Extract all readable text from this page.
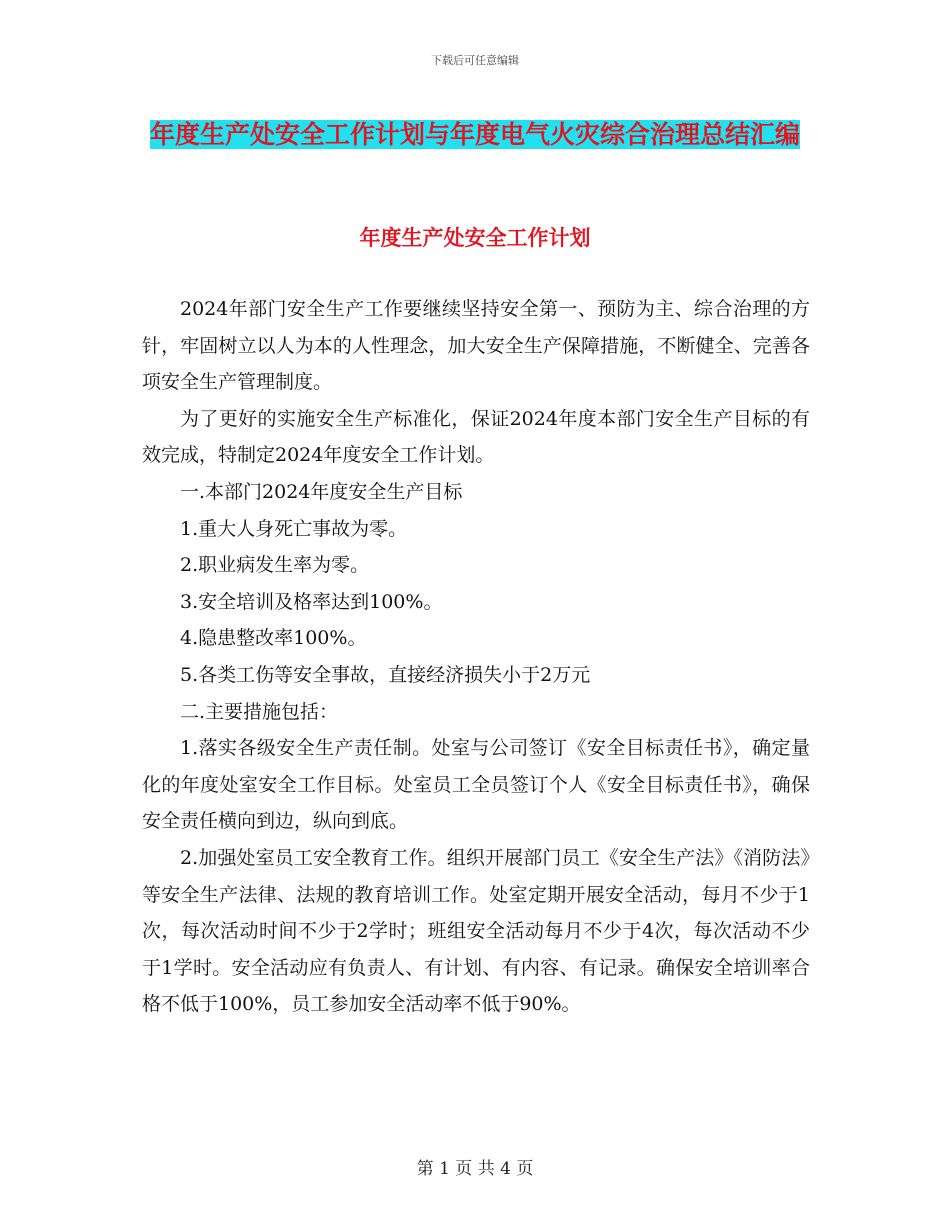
下载后可任意编辑
年度生产处安全工作计划与年度电气火灾综合治理总结汇编
年度生产处安全工作计划

2024年部门安全生产工作要继续坚持安全第一、预防为主、综合治理的方针，牢固树立以人为本的人性理念，加大安全生产保障措施，不断健全、完善各项安全生产管理制度。

为了更好的实施安全生产标准化，保证2024年度本部门安全生产目标的有效完成，特制定2024年度安全工作计划。

一.本部门2024年度安全生产目标

1.重大人身死亡事故为零。

2.职业病发生率为零。

3.安全培训及格率达到100%。

4.隐患整改率100%。

5.各类工伤等安全事故，直接经济损失小于2万元

二.主要措施包括：

1.落实各级安全生产责任制。处室与公司签订《安全目标责任书》，确定量化的年度处室安全工作目标。处室员工全员签订个人《安全目标责任书》，确保安全责任横向到边，纵向到底。

2.加强处室员工安全教育工作。组织开展部门员工《安全生产法》《消防法》等安全生产法律、法规的教育培训工作。处室定期开展安全活动，每月不少于1次，每次活动时间不少于2学时；班组安全活动每月不少于4次，每次活动不少于1学时。安全活动应有负责人、有计划、有内容、有记录。确保安全培训率合格不低于100%，员工参加安全活动率不低于90%。

第 1 页 共 4 页
